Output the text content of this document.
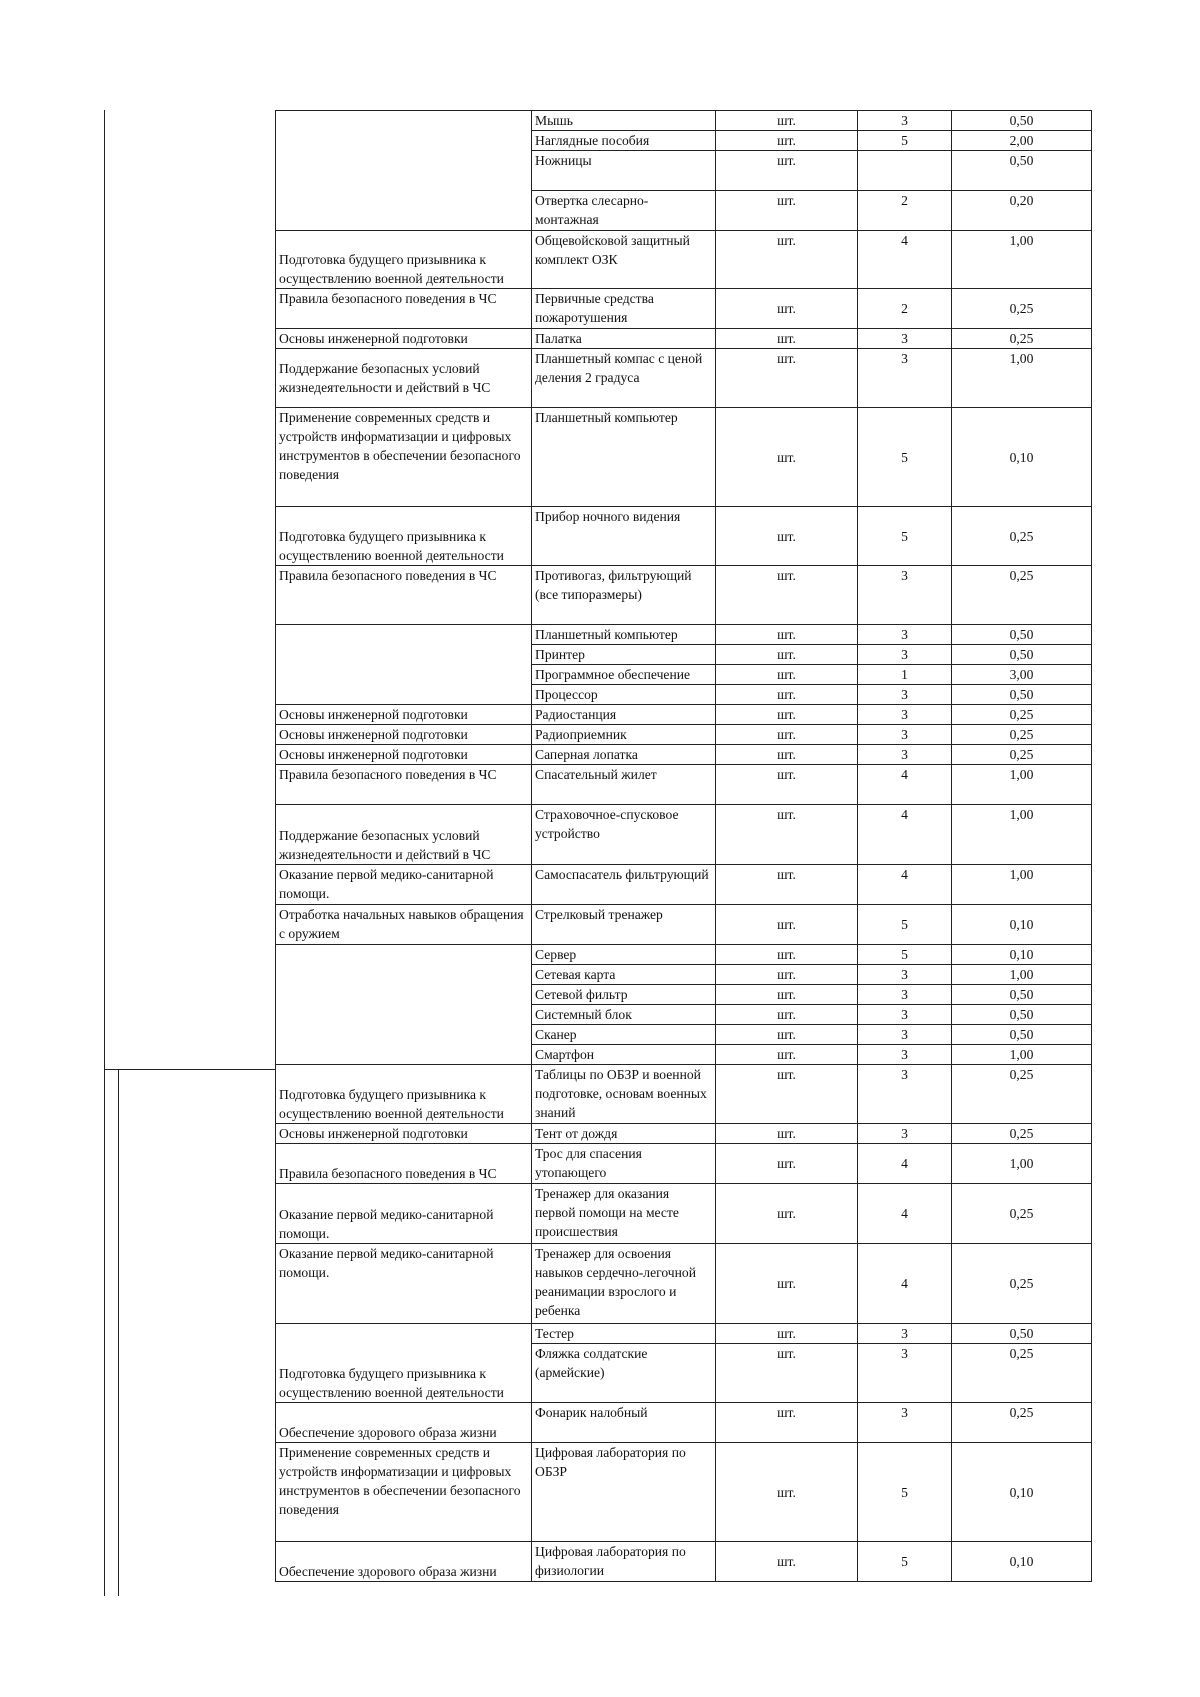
	Мышь	шт.	3	0,50
	Наглядные пособия	шт.	5	2,00
	Ножницы	шт.		0,50
	Отвертка слесарно-монтажная	шт.	2	0,20
Подготовка будущего призывника к осуществлению военной деятельности	Общевойсковой защитный комплект ОЗК	шт.	4	1,00
Правила безопасного поведения в ЧС	Первичные средства пожаротушения	шт.	2	0,25
Основы инженерной подготовки	Палатка	шт.	3	0,25
Поддержание безопасных условий жизнедеятельности и действий в ЧС	Планшетный компас с ценой деления 2 градуса	шт.	3	1,00
Применение современных средств и устройств информатизации и цифровых инструментов в обеспечении безопасного поведения	Планшетный компьютер	шт.	5	0,10
Подготовка будущего призывника к осуществлению военной деятельности	Прибор ночного видения	шт.	5	0,25
Правила безопасного поведения в ЧС	Противогаз, фильтрующий (все типоразмеры)	шт.	3	0,25
	Планшетный компьютер	шт.	3	0,50
	Принтер	шт.	3	0,50
	Программное обеспечение	шт.	1	3,00
	Процессор	шт.	3	0,50
Основы инженерной подготовки	Радиостанция	шт.	3	0,25
Основы инженерной подготовки	Радиоприемник	шт.	3	0,25
Основы инженерной подготовки	Саперная лопатка	шт.	3	0,25
Правила безопасного поведения в ЧС	Спасательный жилет	шт.	4	1,00
Поддержание безопасных условий жизнедеятельности и действий в ЧС	Страховочное-спусковое устройство	шт.	4	1,00
Оказание первой медико-санитарной помощи.	Самоспасатель фильтрующий	шт.	4	1,00
Отработка начальных навыков обращения с оружием	Стрелковый тренажер	шт.	5	0,10
	Сервер	шт.	5	0,10
	Сетевая карта	шт.	3	1,00
	Сетевой фильтр	шт.	3	0,50
	Системный блок	шт.	3	0,50
	Сканер	шт.	3	0,50
	Смартфон	шт.	3	1,00
Подготовка будущего призывника к осуществлению военной деятельности	Таблицы по ОБЗР и военной подготовке, основам военных знаний	шт.	3	0,25
Основы инженерной подготовки	Тент от дождя	шт.	3	0,25
Правила безопасного поведения в ЧС	Трос для спасения утопающего	шт.	4	1,00
Оказание первой медико-санитарной помощи.	Тренажер для оказания первой помощи на месте происшествия	шт.	4	0,25
Оказание первой медико-санитарной помощи.	Тренажер для освоения навыков сердечно-легочной реанимации взрослого и ребенка	шт.	4	0,25
Подготовка будущего призывника к осуществлению военной деятельности	Тестер	шт.	3	0,50
	Фляжка солдатские (армейские)	шт.	3	0,25
Обеспечение здорового образа жизни	Фонарик налобный	шт.	3	0,25
Применение современных средств и устройств информатизации и цифровых инструментов в обеспечении безопасного поведения	Цифровая лаборатория по ОБЗР	шт.	5	0,10
Обеспечение здорового образа жизни	Цифровая лаборатория по физиологии	шт.	5	0,10
